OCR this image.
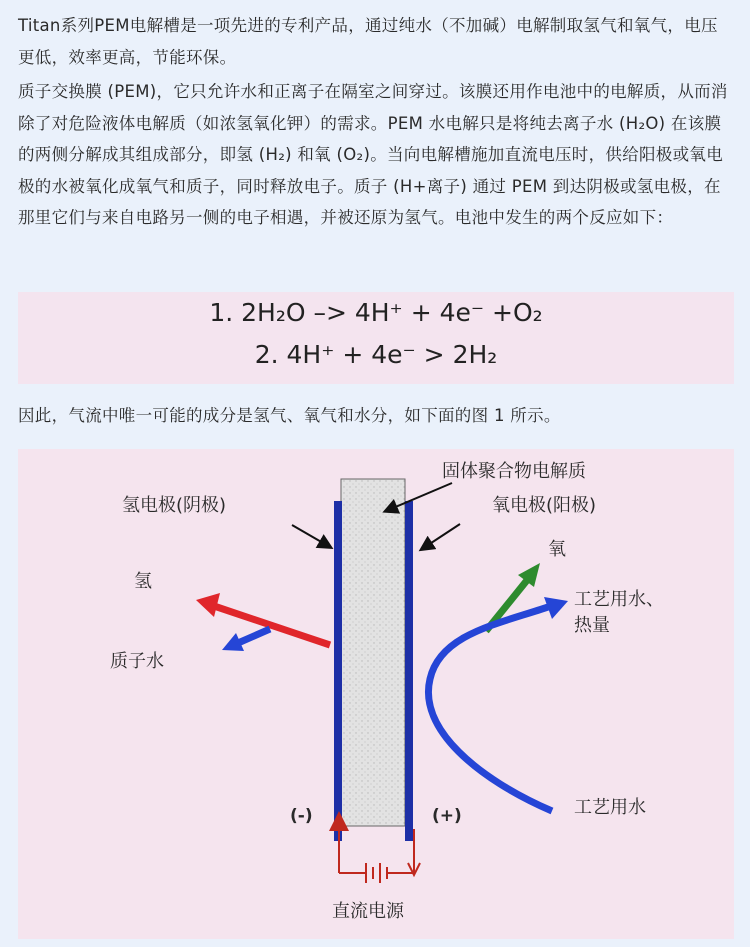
Titan系列PEM电解槽是一项先进的专利产品，通过纯水（不加碱）电解制取氢气和氧气，电压更低，效率更高，节能环保。

质子交换膜 (PEM)，它只允许水和正离子在隔室之间穿过。该膜还用作电池中的电解质，从而消除了对危险液体电解质（如浓氢氧化钾）的需求。PEM 水电解只是将纯去离子水 (H₂O) 在该膜的两侧分解成其组成部分，即氢 (H₂) 和氧 (O₂)。当向电解槽施加直流电压时，供给阳极或氧电极的水被氧化成氧气和质子，同时释放电子。质子 (H+离子) 通过 PEM 到达阴极或氢电极，在那里它们与来自电路另一侧的电子相遇，并被还原为氢气。电池中发生的两个反应如下：

1. 2H₂O –> 4H⁺ + 4e⁻ +O₂
2. 4H⁺ + 4e⁻ > 2H₂

因此，气流中唯一可能的成分是氢气、氧气和水分，如下面的图 1 所示。

固体聚合物电解质
氢电极(阴极)	氧电极(阳极)
氧
氢
工艺用水、
热量
质子水
工艺用水
(-)	(+)
直流电源
